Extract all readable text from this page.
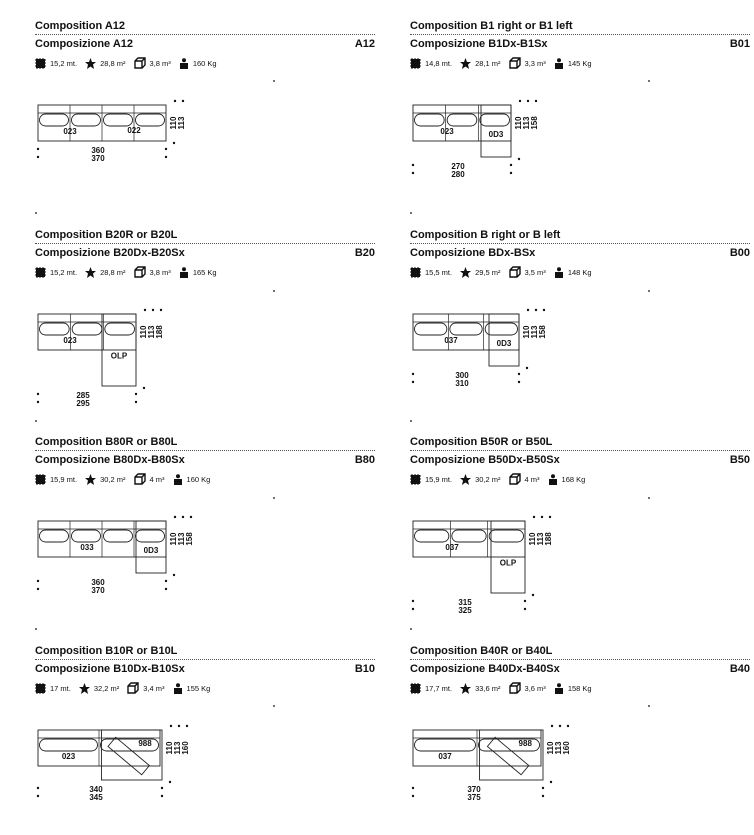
Composition A12
Composizione A12	A12
15,2 mt.	28,8 m²	3,8 m³	160 Kg
023	022
110 113
360
370
Composition B1 right or B1 left
Composizione B1Dx-B1Sx	B01
14,8 mt.	28,1 m²	3,3 m³	145 Kg
023	0D3
110 113 158
270
280
Composition B20R or B20L
Composizione B20Dx-B20Sx	B20
15,2 mt.	28,8 m²	3,8 m³	165 Kg
023
OLP
110 113 188
285
295
Composition B right or B left
Composizione BDx-BSx	B00
15,5 mt.	29,5 m²	3,5 m³	148 Kg
037	0D3
110 113 158
300
310
Composition B80R or B80L
Composizione B80Dx-B80Sx	B80
15,9 mt.	30,2 m²	4 m³	160 Kg
033	0D3
110 113 158
360
370
Composition B50R or B50L
Composizione B50Dx-B50Sx	B50
15,9 mt.	30,2 m²	4 m³	168 Kg
037
OLP
110 113 188
315
325
Composition B10R or B10L
Composizione B10Dx-B10Sx	B10
17 mt.	32,2 m²	3,4 m³	155 Kg
023
988 110 113 160
340
345
Composition B40R or B40L
Composizione B40Dx-B40Sx	B40
17,7 mt.	33,6 m²	3,6 m³	158 Kg
037
988 110 113 160
370
375
